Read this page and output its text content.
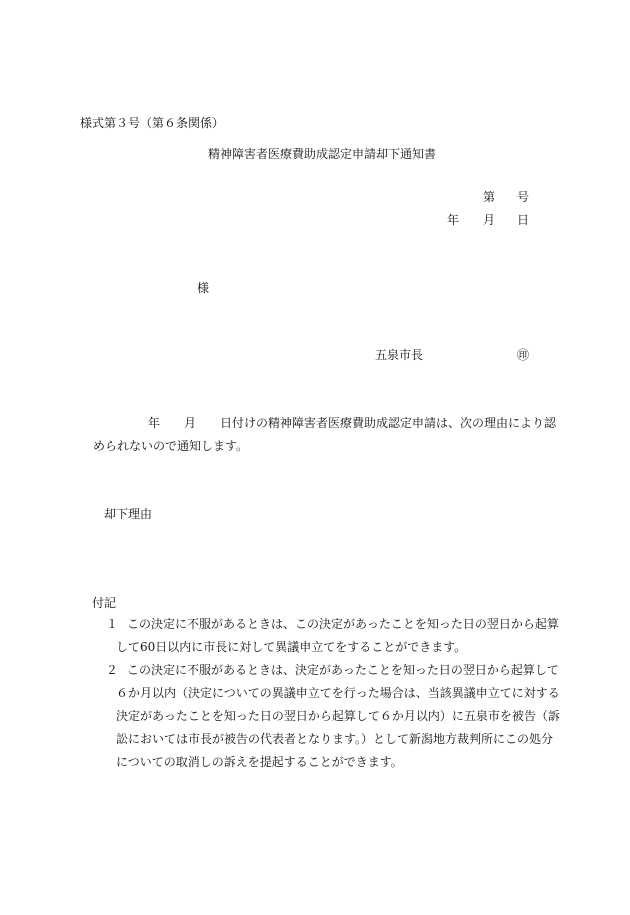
様式第３号（第６条関係）
精神障害者医療費助成認定申請却下通知書
第 号
年 月 日
様
五泉市長	㊞
年 月 日付けの精神障害者医療費助成認定申請は、次の理由により認
められないので通知します。
却下理由
付記
１ この決定に不服があるときは、この決定があったことを知った日の翌日から起算
して60日以内に市長に対して異議申立てをすることができます。
２ この決定に不服があるときは、決定があったことを知った日の翌日から起算して
６か月以内（決定についての異議申立てを行った場合は、当該異議申立てに対する
決定があったことを知った日の翌日から起算して６か月以内）に五泉市を被告（訴
訟においては市長が被告の代表者となります。）として新潟地方裁判所にこの処分
についての取消しの訴えを提起することができます。
